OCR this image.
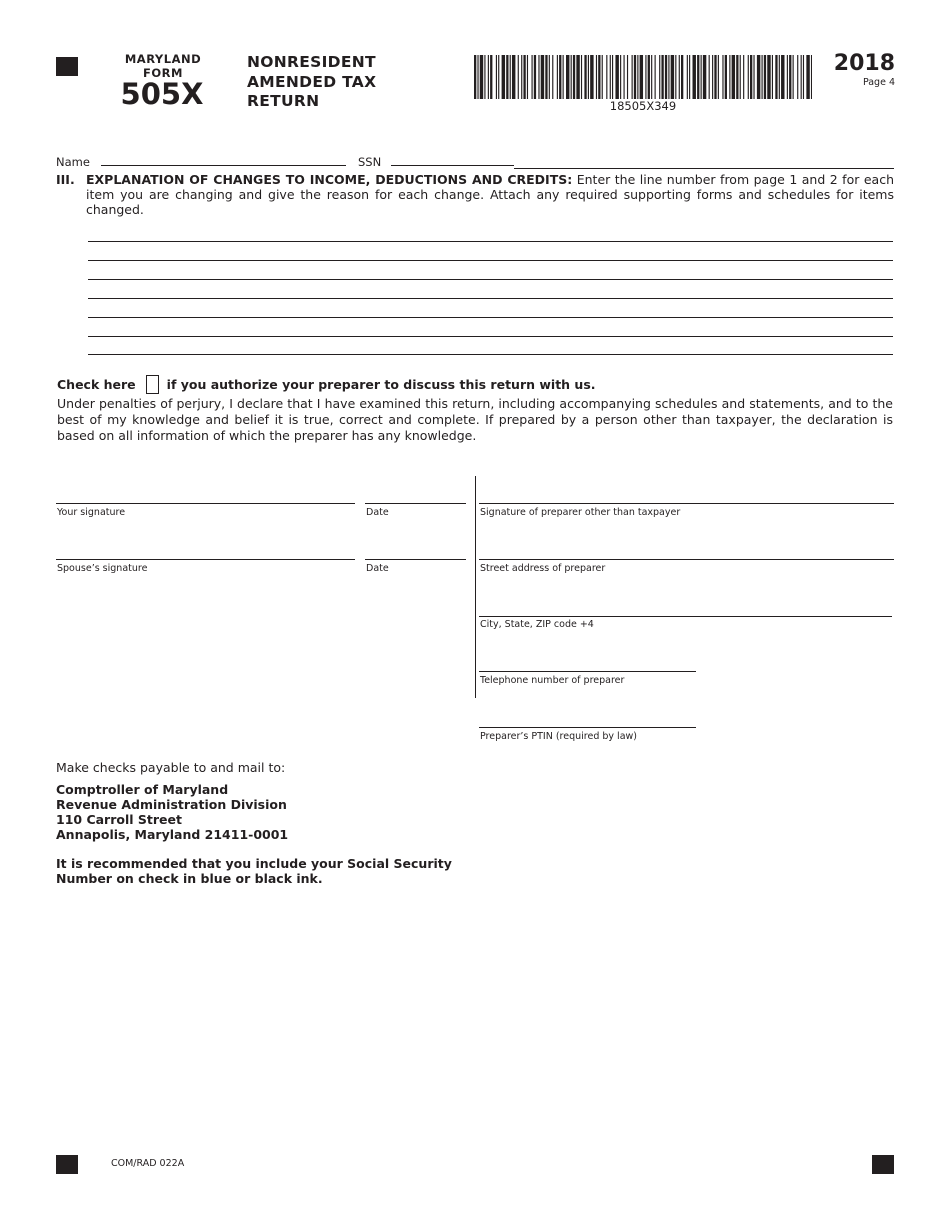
MARYLAND
FORM
505X
NONRESIDENT
AMENDED TAX
RETURN	18505X349
2018
Page 4
Name	SSN
III. EXPLANATION OF CHANGES TO INCOME, DEDUCTIONS AND CREDITS: Enter the line number from page 1 and 2 for each
item you are changing and give the reason for each change. Attach any required supporting forms and schedules for items changed.
Check here if you authorize your preparer to discuss this return with us.
Under penalties of perjury, I declare that I have examined this return, including accompanying schedules and statements, and to the best of my knowledge and belief it is true, correct and complete. If prepared by a person other than taxpayer, the declaration is based on all information of which the preparer has any knowledge.
Your signature	Date	Signature of preparer other than taxpayer
Spouse’s signature	Date	Street address of preparer
City, State, ZIP code +4
Telephone number of preparer
Preparer’s PTIN (required by law)
Make checks payable to and mail to:
Comptroller of Maryland
Revenue Administration Division
110 Carroll Street
Annapolis, Maryland 21411-0001
It is recommended that you include your Social Security Number on check in blue or black ink.
COM/RAD 022A
